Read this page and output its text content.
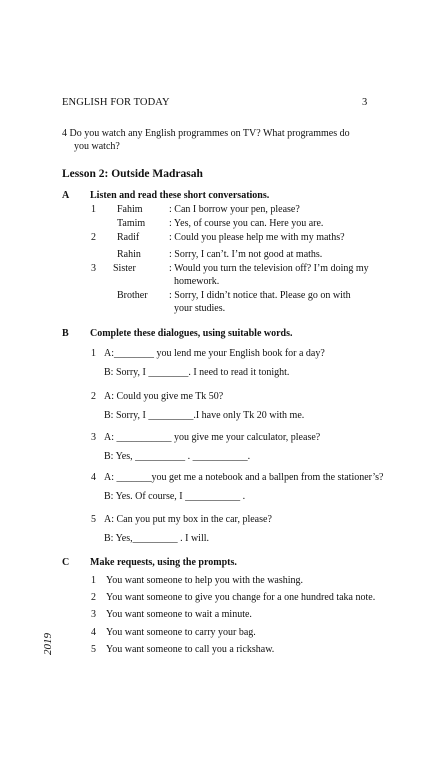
ENGLISH FOR TODAY	3
4 Do you watch any English programmes on TV? What programmes do
you watch?
Lesson 2: Outside Madrasah
A Listen and read these short conversations.
1 Fahim	: Can I borrow your pen, please?
Tamim : Yes, of course you can. Here you are.
2 Radif	: Could you please help me with my maths?
Rahin	: Sorry, I can’t. I’m not good at maths.
3 Sister	: Would you turn the television off? I’m doing my
homework.
Brother : Sorry, I didn’t notice that. Please go on with
your studies.
B Complete these dialogues, using suitable words.
1 A:________ you lend me your English book for a day?
B: Sorry, I ________. I need to read it tonight.
2 A: Could you give me Tk 50?
B: Sorry, I _________.I have only Tk 20 with me.
3 A: ___________ you give me your calculator, please?
B: Yes, __________ . ___________.
4 A: _______you get me a notebook and a ballpen from the stationer’s?
B: Yes. Of course, I ___________ .
5 A: Can you put my box in the car, please?
B: Yes,_________ . I will.
C Make requests, using the prompts.
1 You want someone to help you with the washing.
2 You want someone to give you change for a one hundred taka note.
3 You want someone to wait a minute.
4 You want someone to carry your bag.
5 You want someone to call you a rickshaw.
2019
